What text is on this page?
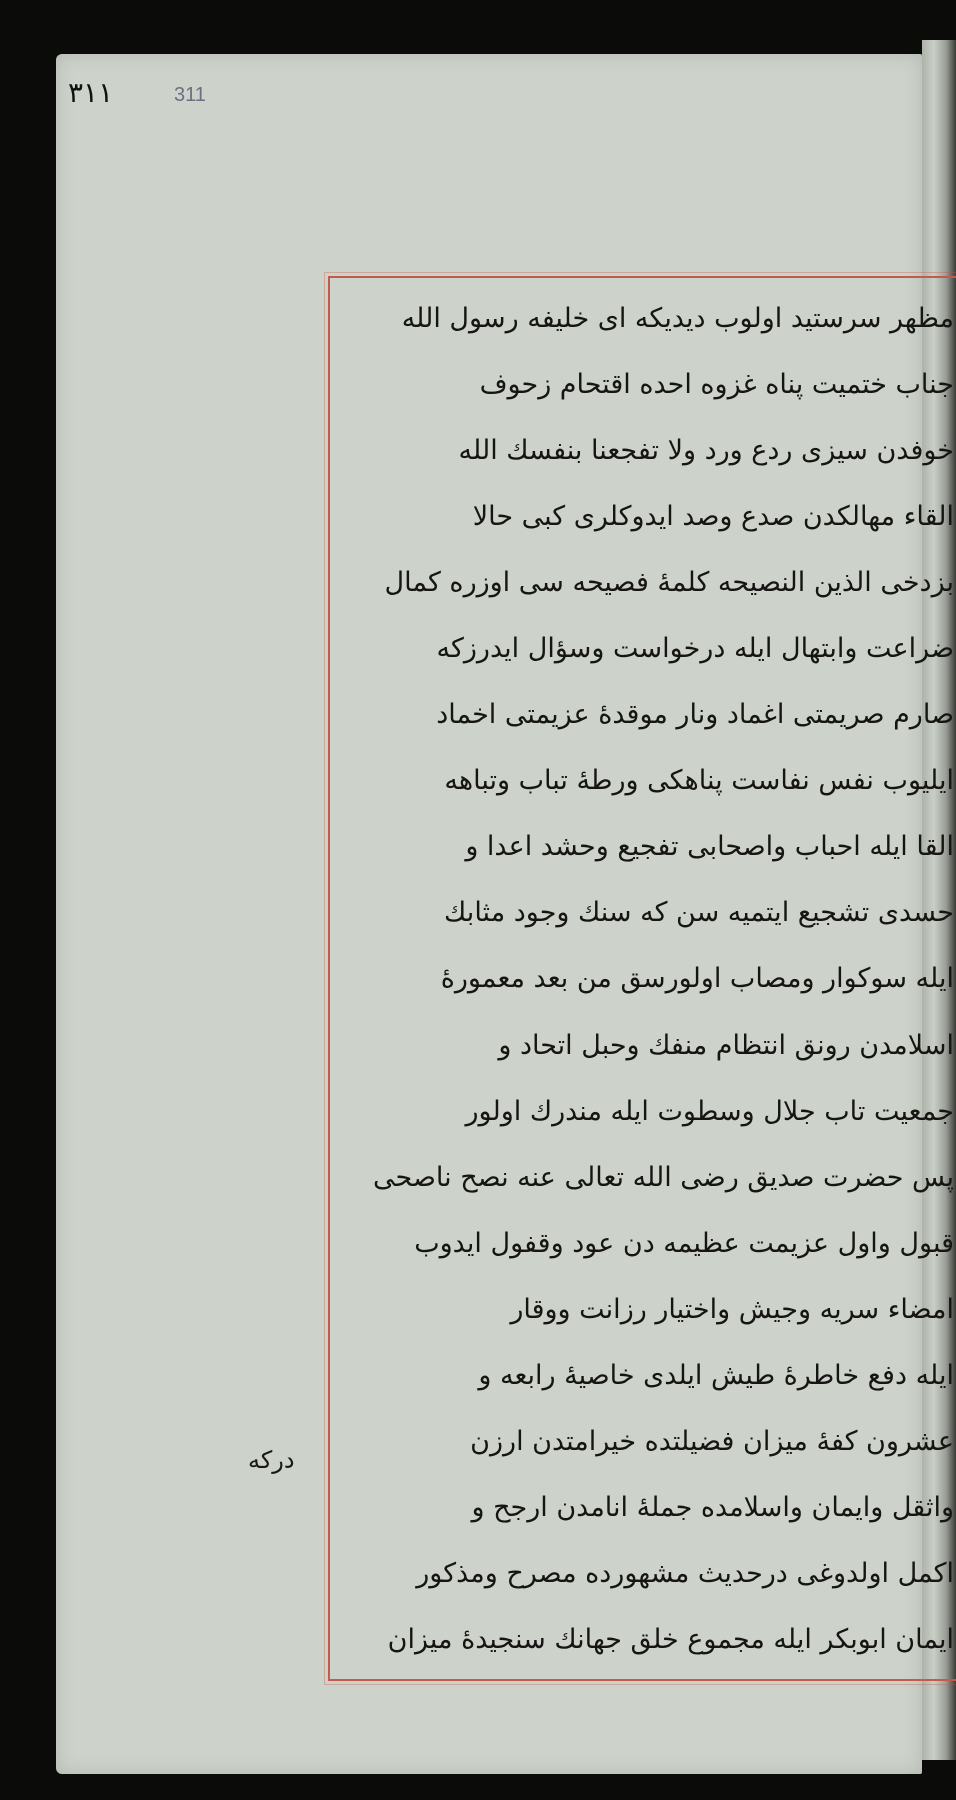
٣١١	311
مظهر سرستید اولوب دیدیکه ای خلیفه رسول الله
جناب ختمیت پناه غزوه احده اقتحام زحوف
خوفدن سیزی ردع ورد ولا تفجعنا بنفسك الله
القاء مهالکدن صدع وصد ایدوکلری کبی حالا
بزدخی الذین النصیحه کلمهٔ فصیحه سی اوزره کمال
ضراعت وابتهال ایله درخواست وسؤال ایدرزکه
صارم صریمتی اغماد ونار موقدهٔ عزیمتی اخماد
ایلیوب نفس نفاست پناهکی ورطهٔ تباب وتباهه
القا ایله احباب واصحابی تفجیع وحشد اعدا و
حسدی تشجیع ایتمیه سن که سنك وجود مثابك
ایله سوکوار ومصاب اولورسق من بعد معمورهٔ
اسلامدن رونق انتظام منفك وحبل اتحاد و
جمعیت تاب جلال وسطوت ایله مندرك اولور
پس حضرت صدیق رضی الله تعالی عنه نصح ناصحی
قبول واول عزیمت عظیمه دن عود وقفول ایدوب
امضاء سریه وجیش واختیار رزانت ووقار
ایله دفع خاطرهٔ طیش ایلدی خاصیهٔ رابعه و
عشرون کفهٔ میزان فضیلتده خیرامتدن ارزن
واثقل وایمان واسلامده جملهٔ انامدن ارجح و
اکمل اولدوغی درحدیث مشهورده مصرح ومذکور
ایمان ابوبکر ایله مجموع خلق جهانك سنجیدهٔ میزان
درکه
